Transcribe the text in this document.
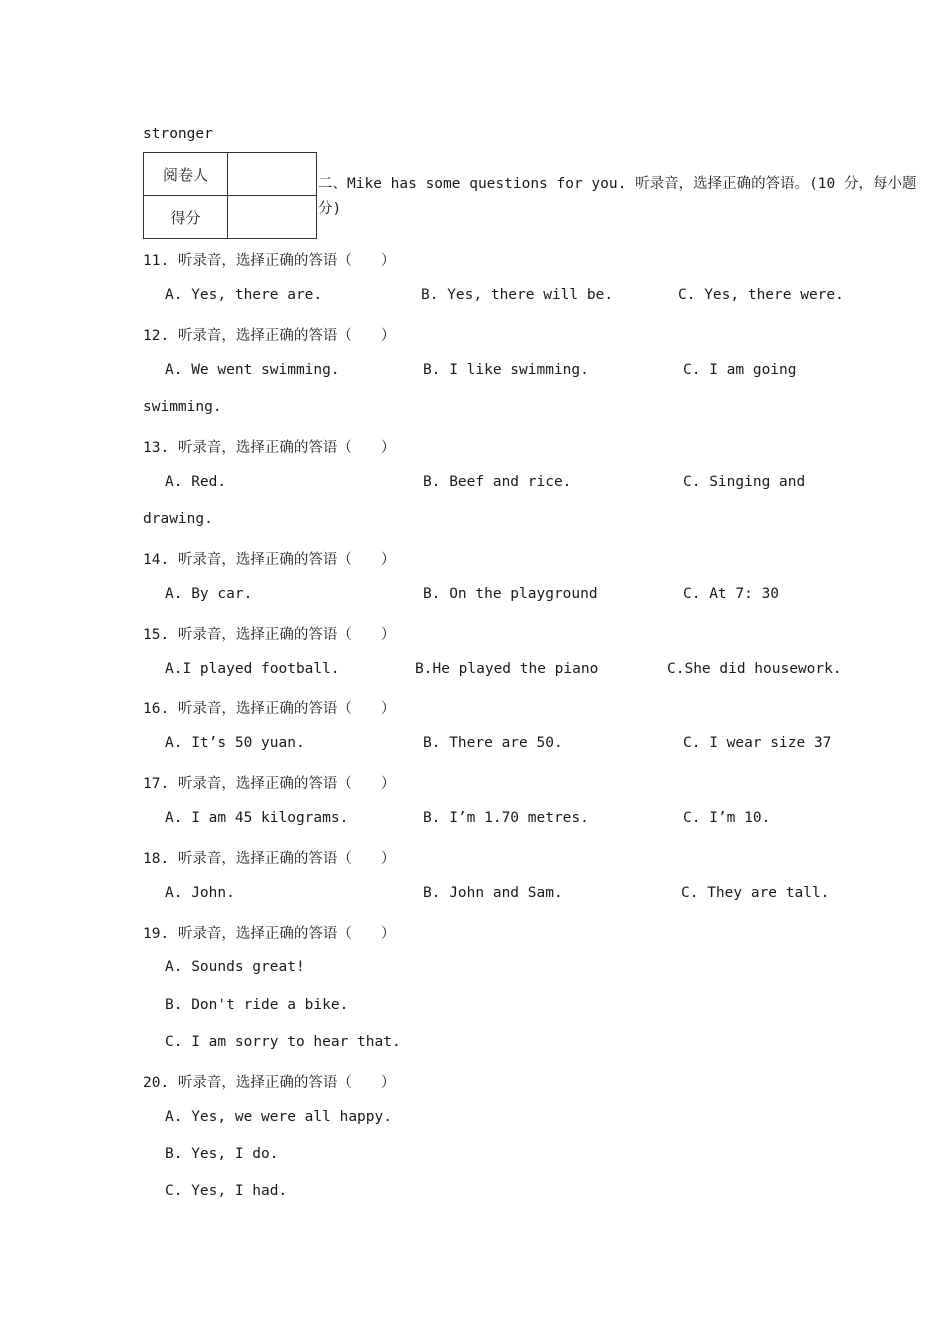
stronger
阅卷人	
得分	
二、Mike has some questions for you. 听录音，选择正确的答语。(10 分，每小题
分)
11. 听录音，选择正确的答语（　　）
A. Yes, there are.	B. Yes, there will be.	C. Yes, there were.
12. 听录音，选择正确的答语（　　）
A. We went swimming.	B. I like swimming.	C. I am going
swimming.
13. 听录音，选择正确的答语（　　）
A. Red.	B. Beef and rice.	C. Singing and
drawing.
14. 听录音，选择正确的答语（　　）
A. By car.	B. On the playground	C. At 7: 30
15. 听录音，选择正确的答语（　　）
A.I played football.	B.He played the piano	C.She did housework.
16. 听录音，选择正确的答语（　　）
A. It’s 50 yuan.	B. There are 50.	C. I wear size 37
17. 听录音，选择正确的答语（　　）
A. I am 45 kilograms.	B. I’m 1.70 metres.	C. I’m 10.
18. 听录音，选择正确的答语（　　）
A. John.	B. John and Sam.	C. They are tall.
19. 听录音，选择正确的答语（　　）
A. Sounds great!
B. Don't ride a bike.
C. I am sorry to hear that.
20. 听录音，选择正确的答语（　　）
A. Yes, we were all happy.
B. Yes, I do.
C. Yes, I had.
